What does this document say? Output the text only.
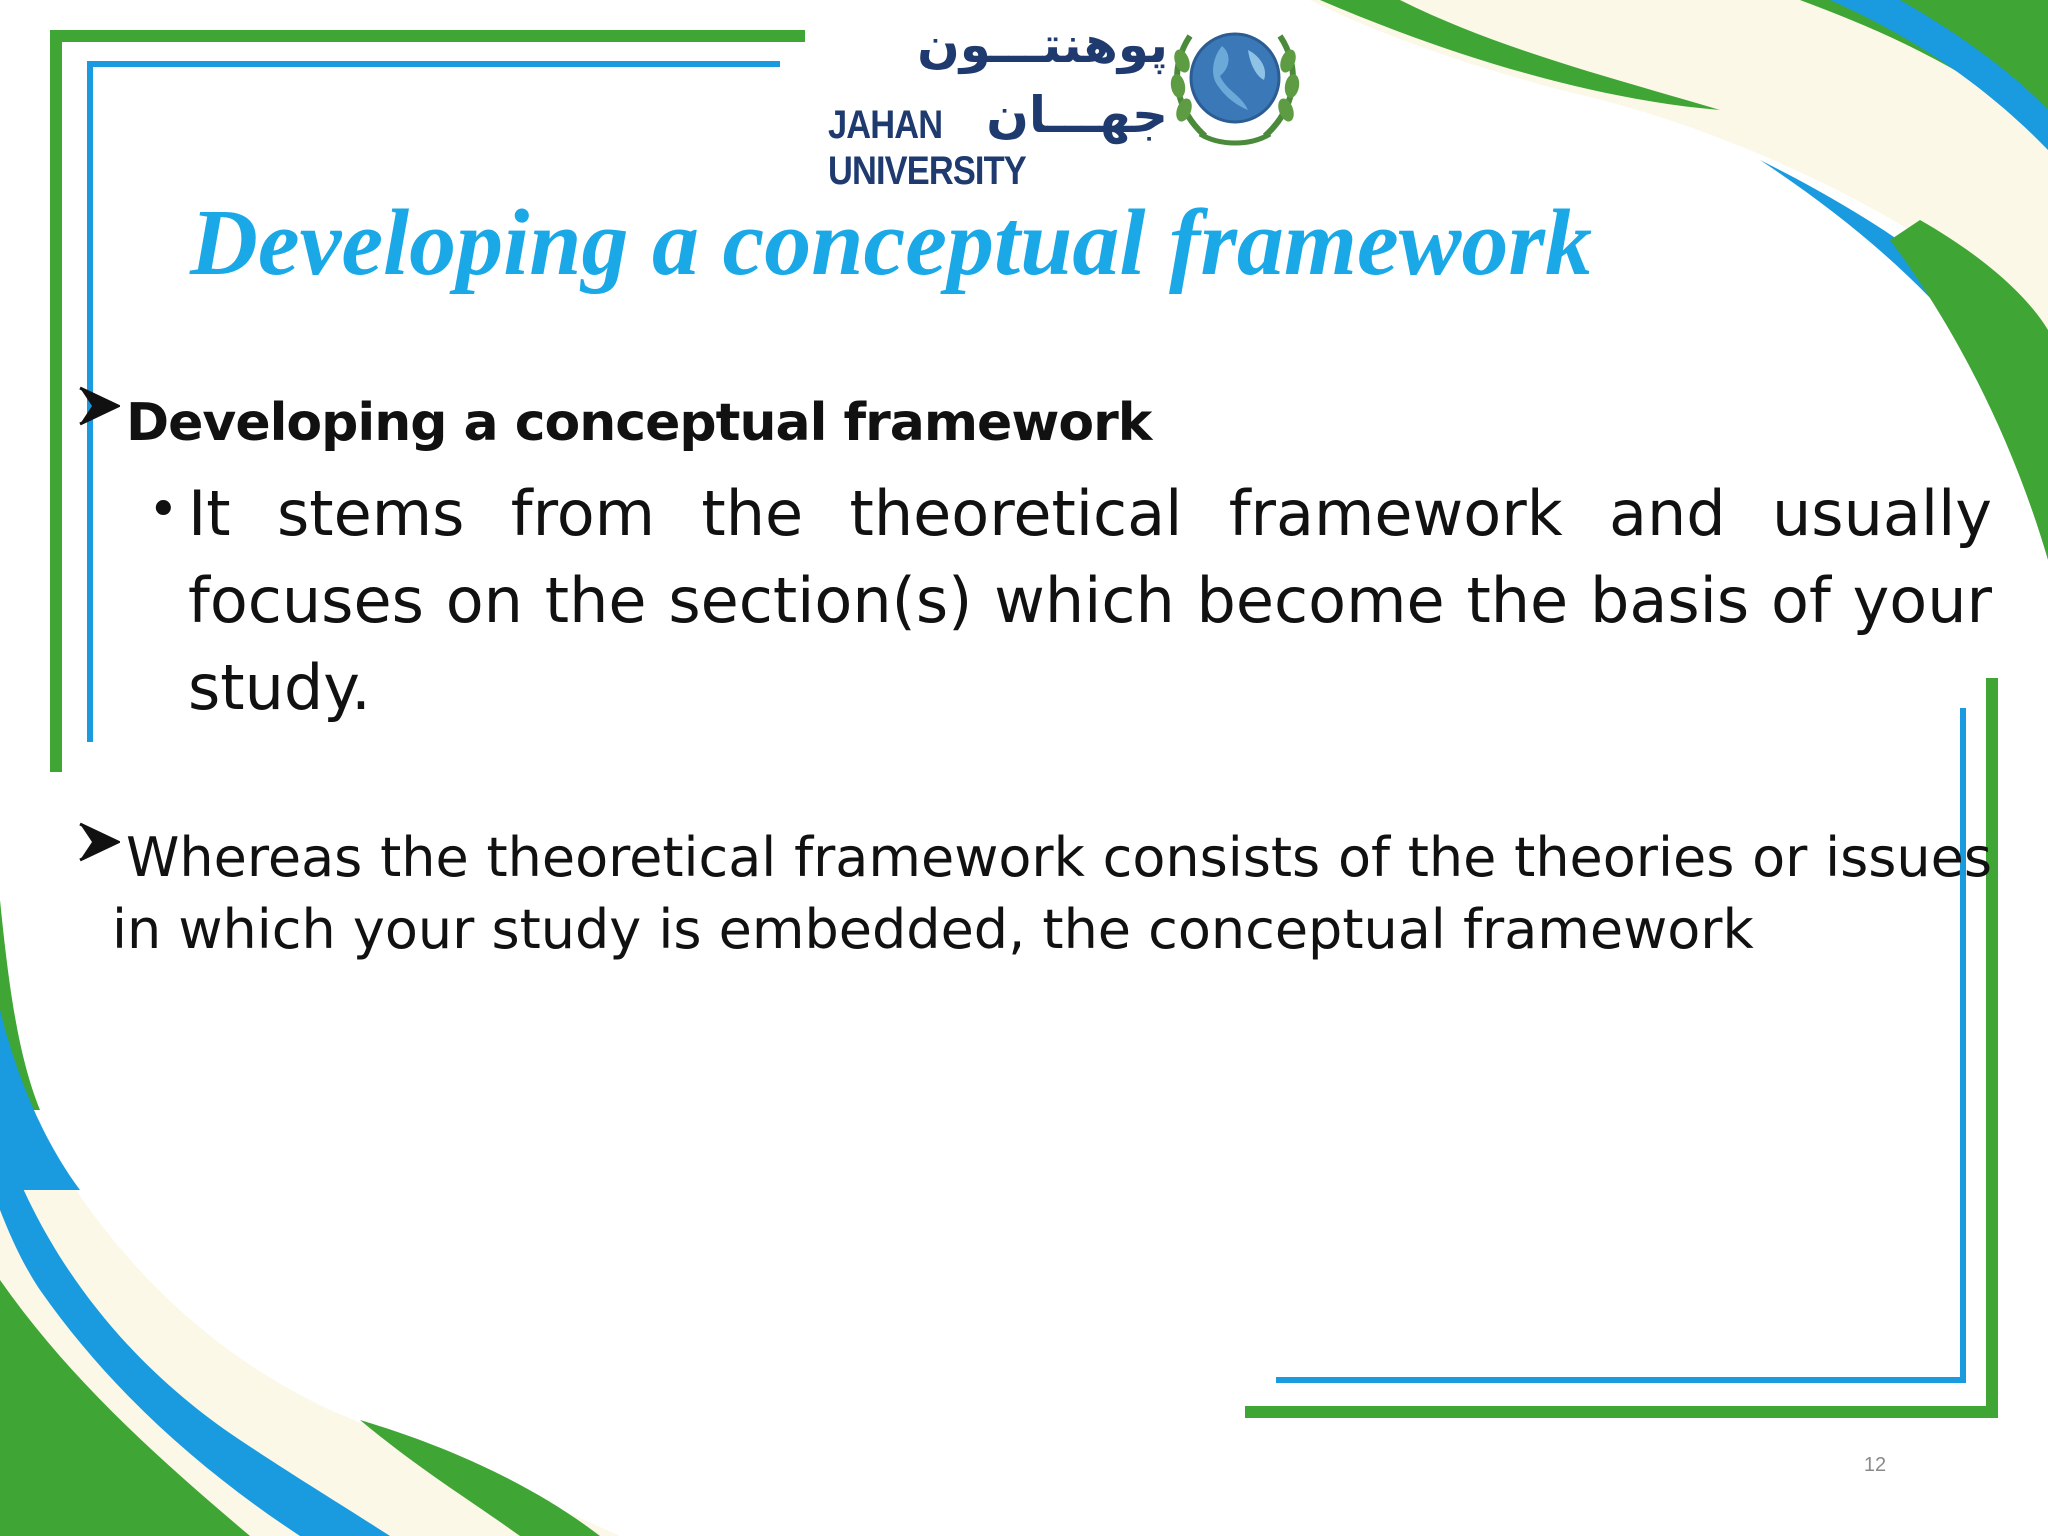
پوهنتـــون جهـــان
JAHAN UNIVERSITY
Developing a conceptual framework
Developing a conceptual framework
• It stems from the theoretical framework and usually focuses on the section(s) which become the basis of your study.
Whereas the theoretical framework consists of the theories or issues in which your study is embedded, the conceptual framework
12
